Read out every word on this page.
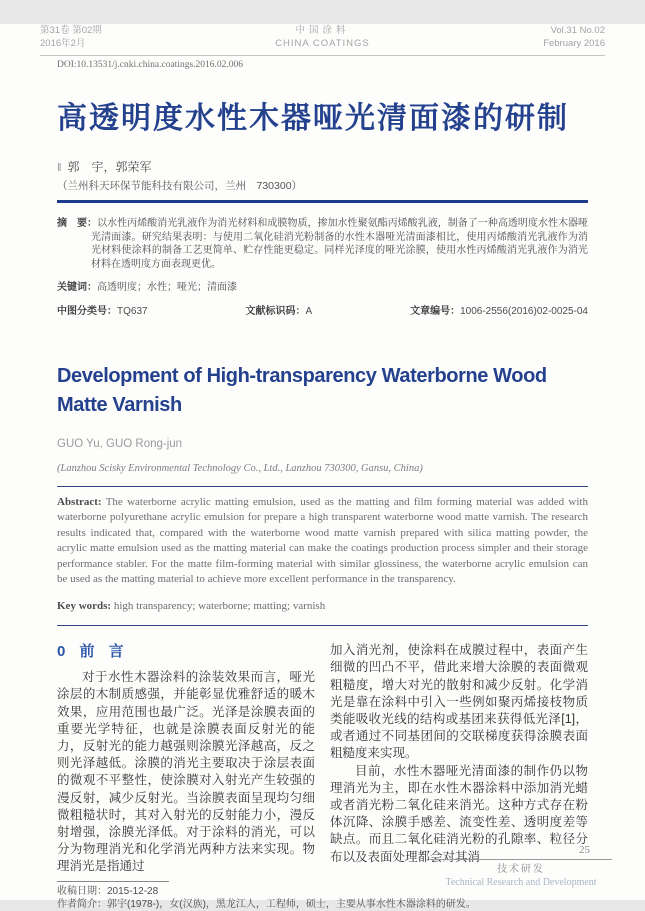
第31卷 第02期
2016年2月
中国涂料
CHINA COATINGS
Vol.31 No.02
February 2016
DOI:10.13531/j.cnki.china.coatings.2016.02.006
高透明度水性木器哑光清面漆的研制
‖ 郭　宇，郭荣军
（兰州科天环保节能科技有限公司，兰州　730300）

摘　要：以水性丙烯酸消光乳液作为消光材料和成膜物质，掺加水性聚氨酯丙烯酸乳液，制备了一种高透明度水性木器哑光清面漆。研究结果表明：与使用二氧化硅消光粉制备的水性木器哑光清面漆相比，使用丙烯酸消光乳液作为消光材料使涂料的制备工艺更简单、贮存性能更稳定。同样光泽度的哑光涂膜，使用水性丙烯酸消光乳液作为消光材料在透明度方面表现更优。

关键词：高透明度；水性；哑光；清面漆

中图分类号：TQ637	文献标识码：A	文章编号：1006-2556(2016)02-0025-04
Development of High-transparency Waterborne Wood Matte Varnish
GUO Yu, GUO Rong-jun
(Lanzhou Scisky Environmental Technology Co., Ltd., Lanzhou 730300, Gansu, China)

Abstract: The waterborne acrylic matting emulsion, used as the matting and film forming material was added with waterborne polyurethane acrylic emulsion for prepare a high transparent waterborne wood matte varnish. The research results indicated that, compared with the waterborne wood matte varnish prepared with silica matting powder, the acrylic matte emulsion used as the matting material can make the coatings production process simpler and their storage performance stabler. For the matte film-forming material with similar glossiness, the waterborne acrylic emulsion can be used as the matting material to achieve more excellent performance in the transparency.

Key words: high transparency; waterborne; matting; varnish

0 前 言

对于水性木器涂料的涂装效果而言，哑光涂层的木制质感强，并能彰显优雅舒适的暖木效果，应用范围也最广泛。光泽是涂膜表面的重要光学特征，也就是涂膜表面反射光的能力，反射光的能力越强则涂膜光泽越高，反之则光泽越低。涂膜的消光主要取决于涂层表面的微观不平整性，使涂膜对入射光产生较强的漫反射，减少反射光。当涂膜表面呈现均匀细微粗糙状时，其对入射光的反射能力小，漫反射增强，涂膜光泽低。对于涂料的消光，可以分为物理消光和化学消光两种方法来实现。物理消光是指通过

加入消光剂，使涂料在成膜过程中，表面产生细微的凹凸不平，借此来增大涂膜的表面微观粗糙度，增大对光的散射和减少反射。化学消光是靠在涂料中引入一些例如聚丙烯接枝物质类能吸收光线的结构或基团来获得低光泽[1]，或者通过不同基团间的交联梯度获得涂膜表面粗糙度来实现。

目前，水性木器哑光清面漆的制作仍以物理消光为主，即在水性木器涂料中添加消光蜡或者消光粉二氧化硅来消光。这种方式存在粉体沉降、涂膜手感差、流变性差、透明度差等缺点。而且二氧化硅消光粉的孔隙率、粒径分布以及表面处理都会对其消

收稿日期：2015-12-28

作者简介：郭宇(1978-)，女(汉族)，黑龙江人，工程师，硕士，主要从事水性木器涂料的研发。

25
技术研发
Technical Research and Development
